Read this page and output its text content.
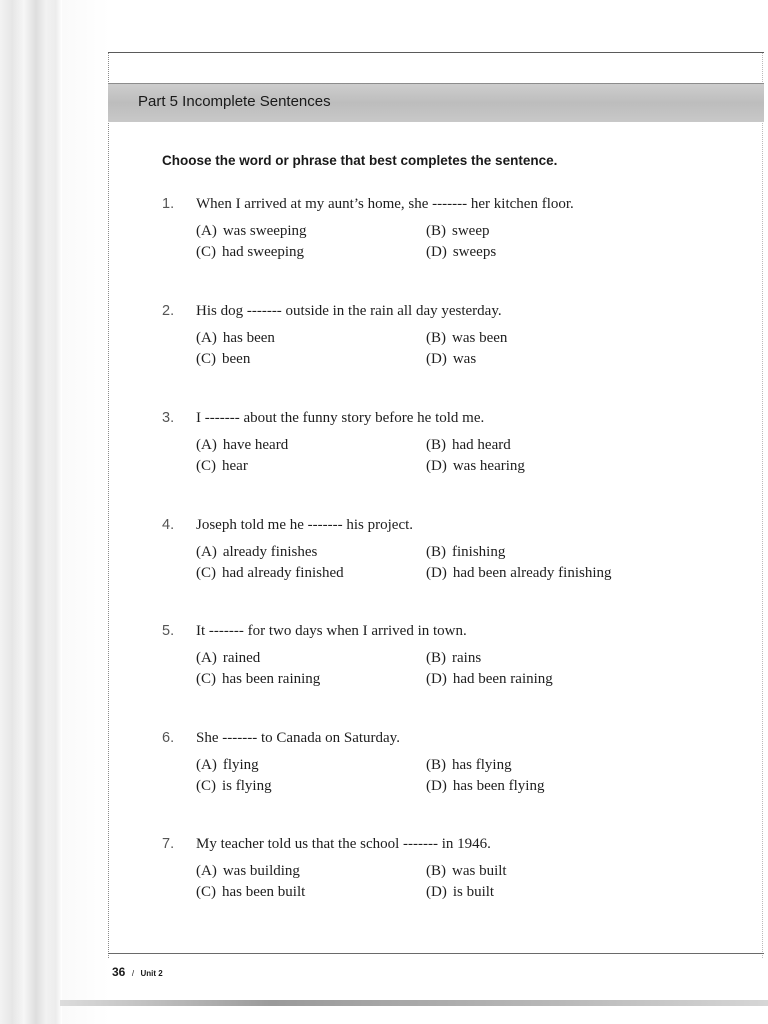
Part 5 Incomplete Sentences
Choose the word or phrase that best completes the sentence.
1. When I arrived at my aunt’s home, she ------- her kitchen floor.
(A) was sweeping	(B) sweep
(C) had sweeping	(D) sweeps
2. His dog ------- outside in the rain all day yesterday.
(A) has been	(B) was been
(C) been	(D) was
3. I ------- about the funny story before he told me.
(A) have heard	(B) had heard
(C) hear	(D) was hearing
4. Joseph told me he ------- his project.
(A) already finishes	(B) finishing
(C) had already finished	(D) had been already finishing
5. It ------- for two days when I arrived in town.
(A) rained	(B) rains
(C) has been raining	(D) had been raining
6. She ------- to Canada on Saturday.
(A) flying	(B) has flying
(C) is flying	(D) has been flying
7. My teacher told us that the school ------- in 1946.
(A) was building	(B) was built
(C) has been built	(D) is built
36 / Unit 2
